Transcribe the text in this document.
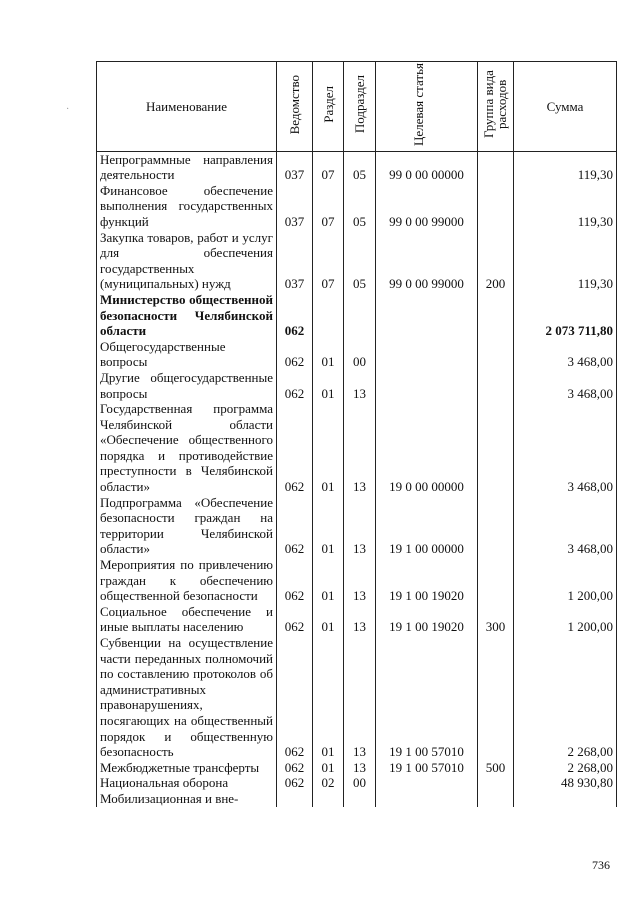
·	Наименование	Ведомство	Раздел	Подраздел	Целевая статья	Группа вида расходов	Сумма
Непрограммные направления деятельности	037	07	05	99 0 00 00000		119,30
Финансовое обеспечение выполнения государственных функций	037	07	05	99 0 00 99000		119,30
Закупка товаров, работ и услуг для обеспечения государственных (муниципальных) нужд	037	07	05	99 0 00 99000	200	119,30
Министерство общественной безопасности Челябинской области	062					2 073 711,80
Общегосударственные вопросы	062	01	00			3 468,00
Другие общегосударственные вопросы	062	01	13			3 468,00
Государственная программа Челябинской области «Обеспечение общественного порядка и противодействие преступности в Челябинской области»	062	01	13	19 0 00 00000		3 468,00
Подпрограмма «Обеспечение безопасности граждан на территории Челябинской области»	062	01	13	19 1 00 00000		3 468,00
Мероприятия по привлечению граждан к обеспечению общественной безопасности	062	01	13	19 1 00 19020		1 200,00
Социальное обеспечение и иные выплаты населению	062	01	13	19 1 00 19020	300	1 200,00
Субвенции на осуществление части переданных полномочий по составлению протоколов об административных правонарушениях, посягающих на общественный порядок и общественную безопасность	062	01	13	19 1 00 57010		2 268,00
Межбюджетные трансферты	062	01	13	19 1 00 57010	500	2 268,00
Национальная оборона	062	02	00			48 930,80
Мобилизационная и вне-						
736
